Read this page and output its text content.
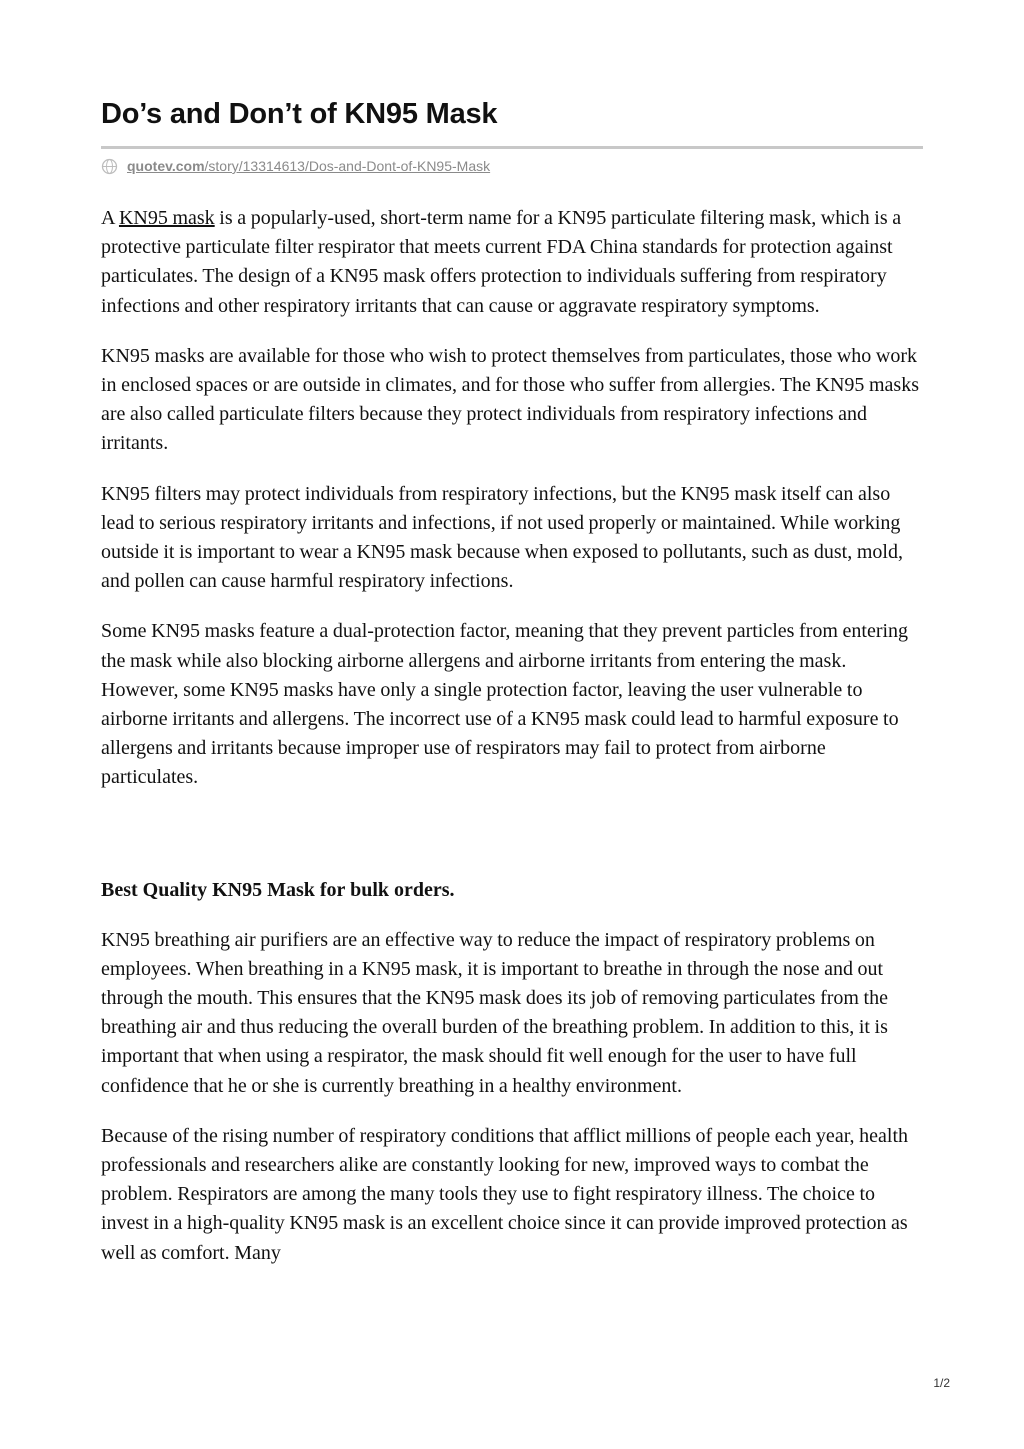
Do’s and Don’t of KN95 Mask
quotev.com /story/13314613/Dos-and-Dont-of-KN95-Mask

A KN95 mask is a popularly-used, short-term name for a KN95 particulate filtering mask, which is a protective particulate filter respirator that meets current FDA China standards for protection against particulates. The design of a KN95 mask offers protection to individuals suffering from respiratory infections and other respiratory irritants that can cause or aggravate respiratory symptoms.

KN95 masks are available for those who wish to protect themselves from particulates, those who work in enclosed spaces or are outside in climates, and for those who suffer from allergies. The KN95 masks are also called particulate filters because they protect individuals from respiratory infections and irritants.

KN95 filters may protect individuals from respiratory infections, but the KN95 mask itself can also lead to serious respiratory irritants and infections, if not used properly or maintained. While working outside it is important to wear a KN95 mask because when exposed to pollutants, such as dust, mold, and pollen can cause harmful respiratory infections.

Some KN95 masks feature a dual-protection factor, meaning that they prevent particles from entering the mask while also blocking airborne allergens and airborne irritants from entering the mask. However, some KN95 masks have only a single protection factor, leaving the user vulnerable to airborne irritants and allergens. The incorrect use of a KN95 mask could lead to harmful exposure to allergens and irritants because improper use of respirators may fail to protect from airborne particulates.

Best Quality KN95 Mask for bulk orders.

KN95 breathing air purifiers are an effective way to reduce the impact of respiratory problems on employees. When breathing in a KN95 mask, it is important to breathe in through the nose and out through the mouth. This ensures that the KN95 mask does its job of removing particulates from the breathing air and thus reducing the overall burden of the breathing problem. In addition to this, it is important that when using a respirator, the mask should fit well enough for the user to have full confidence that he or she is currently breathing in a healthy environment.

Because of the rising number of respiratory conditions that afflict millions of people each year, health professionals and researchers alike are constantly looking for new, improved ways to combat the problem. Respirators are among the many tools they use to fight respiratory illness. The choice to invest in a high-quality KN95 mask is an excellent choice since it can provide improved protection as well as comfort. Many

1/2
